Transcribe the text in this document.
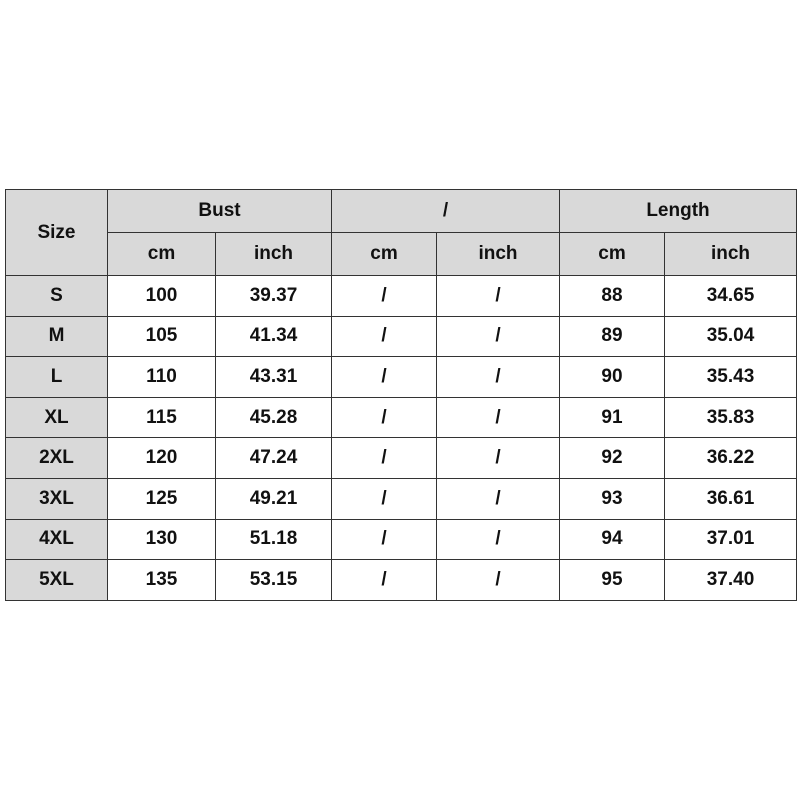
Size	Bust		/		Length	
	cm	inch	cm	inch	cm	inch
S	100	39.37	/	/	88	34.65
M	105	41.34	/	/	89	35.04
L	110	43.31	/	/	90	35.43
XL	115	45.28	/	/	91	35.83
2XL	120	47.24	/	/	92	36.22
3XL	125	49.21	/	/	93	36.61
4XL	130	51.18	/	/	94	37.01
5XL	135	53.15	/	/	95	37.40
